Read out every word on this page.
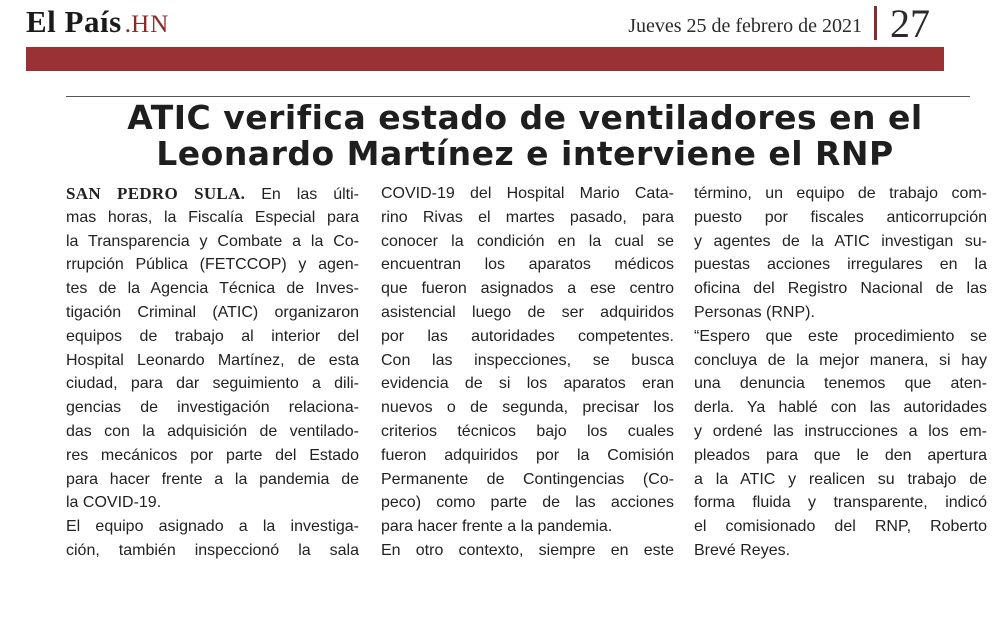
El País . HN	Jueves 25 de febrero de 2021 27
ATIC verifica estado de ventiladores en el
Leonardo Martínez e interviene el RNP
SAN PEDRO SULA. En las últi-
mas horas, la Fiscalía Especial para
la Transparencia y Combate a la Co-
rrupción Pública (FETCCOP) y agen-
tes de la Agencia Técnica de Inves-
tigación Criminal (ATIC) organizaron
equipos de trabajo al interior del
Hospital Leonardo Martínez, de esta
ciudad, para dar seguimiento a dili-
gencias de investigación relaciona-
das con la adquisición de ventilado-
res mecánicos por parte del Estado
para hacer frente a la pandemia de
la COVID-19.
El equipo asignado a la investiga-
ción, también inspeccionó la sala
COVID-19 del Hospital Mario Cata-
rino Rivas el martes pasado, para
conocer la condición en la cual se
encuentran los aparatos médicos
que fueron asignados a ese centro
asistencial luego de ser adquiridos
por las autoridades competentes.
Con las inspecciones, se busca
evidencia de si los aparatos eran
nuevos o de segunda, precisar los
criterios técnicos bajo los cuales
fueron adquiridos por la Comisión
Permanente de Contingencias (Co-
peco) como parte de las acciones
para hacer frente a la pandemia.
En otro contexto, siempre en este
término, un equipo de trabajo com-
puesto por fiscales anticorrupción
y agentes de la ATIC investigan su-
puestas acciones irregulares en la
oficina del Registro Nacional de las
Personas (RNP).
“Espero que este procedimiento se
concluya de la mejor manera, si hay
una denuncia tenemos que aten-
derla. Ya hablé con las autoridades
y ordené las instrucciones a los em-
pleados para que le den apertura
a la ATIC y realicen su trabajo de
forma fluida y transparente, indicó
el comisionado del RNP, Roberto
Brevé Reyes.
